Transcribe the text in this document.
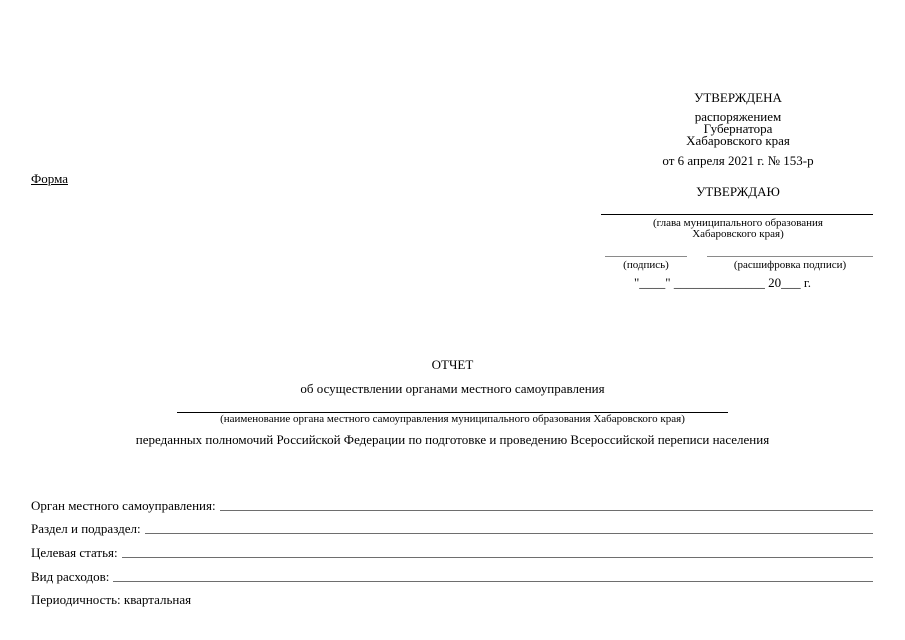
УТВЕРЖДЕНА
распоряжением
Губернатора
Хабаровского края
от 6 апреля 2021 г. № 153-р
Форма
УТВЕРЖДАЮ
(глава муниципального образования
Хабаровского края)
(подпись)	(расшифровка подписи)
"____" ______________ 20___ г.
ОТЧЕТ
об осуществлении органами местного самоуправления
(наименование органа местного самоуправления муниципального образования Хабаровского края)
переданных полномочий Российской Федерации по подготовке и проведению Всероссийской переписи населения
Орган местного самоуправления:
Раздел и подраздел:
Целевая статья:
Вид расходов:
Периодичность: квартальная
